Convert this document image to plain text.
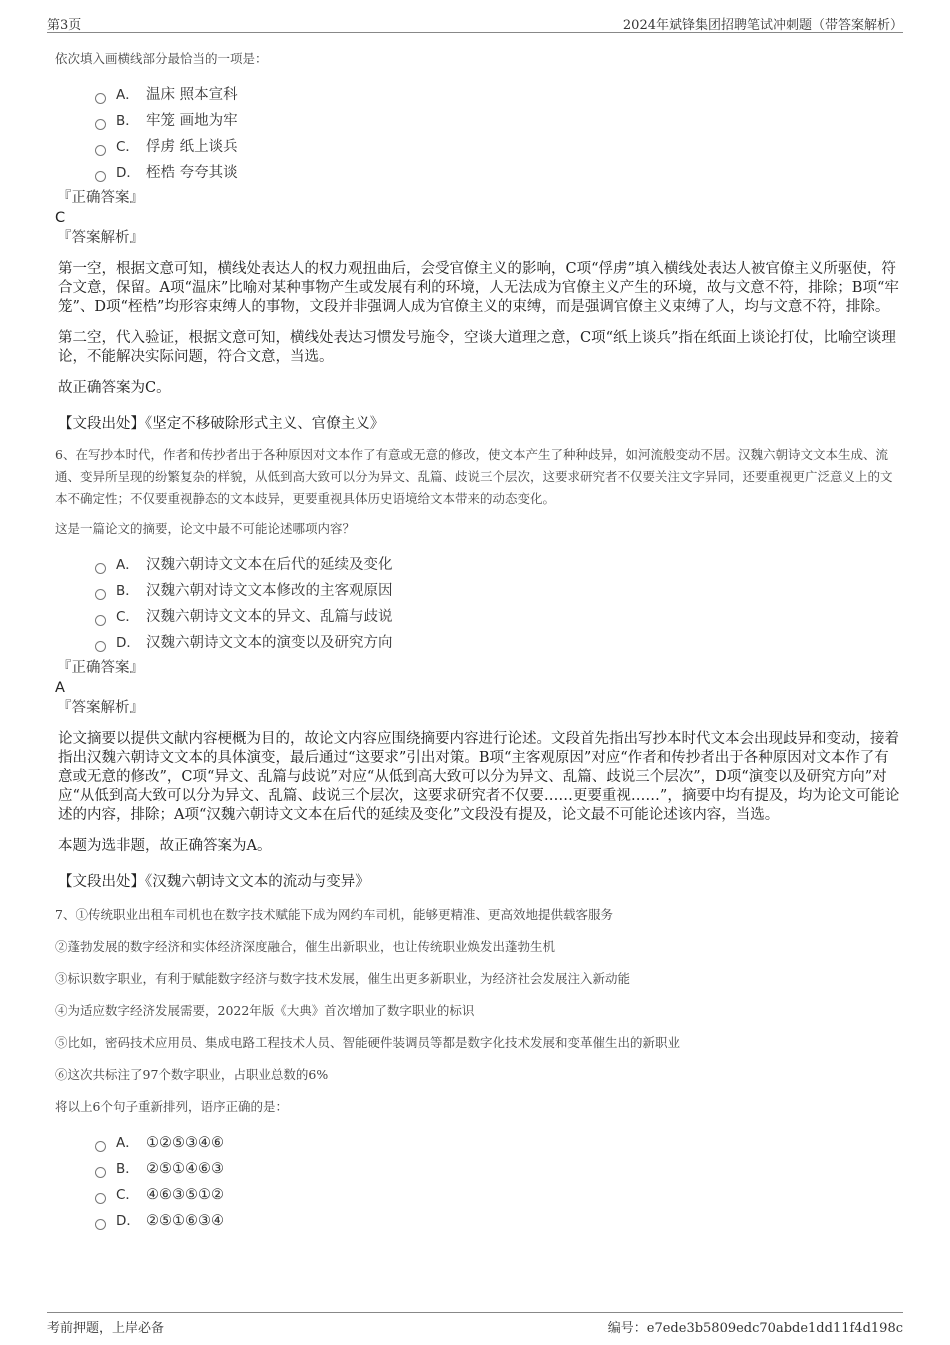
第3页	2024年斌锋集团招聘笔试冲刺题（带答案解析）
依次填入画横线部分最恰当的一项是：
A． 温床 照本宣科
B． 牢笼 画地为牢
C． 俘虏 纸上谈兵
D． 桎梏 夸夸其谈
『正确答案』
C
『答案解析』
第一空，根据文意可知，横线处表达人的权力观扭曲后，会受官僚主义的影响，C项“俘虏”填入横线处表达人被官僚主义所驱使，符合文意，保留。A项“温床”比喻对某种事物产生或发展有利的环境，人无法成为官僚主义产生的环境，故与文意不符，排除；B项“牢笼”、D项“桎梏”均形容束缚人的事物，文段并非强调人成为官僚主义的束缚，而是强调官僚主义束缚了人，均与文意不符，排除。
第二空，代入验证，根据文意可知，横线处表达习惯发号施令，空谈大道理之意，C项“纸上谈兵”指在纸面上谈论打仗，比喻空谈理论，不能解决实际问题，符合文意，当选。
故正确答案为C。
【文段出处】《坚定不移破除形式主义、官僚主义》
6、在写抄本时代，作者和传抄者出于各种原因对文本作了有意或无意的修改，使文本产生了种种歧异，如河流般变动不居。汉魏六朝诗文文本生成、流通、变异所呈现的纷繁复杂的样貌，从低到高大致可以分为异文、乱篇、歧说三个层次，这要求研究者不仅要关注文字异同，还要重视更广泛意义上的文本不确定性；不仅要重视静态的文本歧异，更要重视具体历史语境给文本带来的动态变化。
这是一篇论文的摘要，论文中最不可能论述哪项内容？
A． 汉魏六朝诗文文本在后代的延续及变化
B． 汉魏六朝对诗文文本修改的主客观原因
C． 汉魏六朝诗文文本的异文、乱篇与歧说
D． 汉魏六朝诗文文本的演变以及研究方向
『正确答案』
A
『答案解析』
论文摘要以提供文献内容梗概为目的，故论文内容应围绕摘要内容进行论述。文段首先指出写抄本时代文本会出现歧异和变动，接着指出汉魏六朝诗文文本的具体演变，最后通过“这要求”引出对策。B项“主客观原因”对应“作者和传抄者出于各种原因对文本作了有意或无意的修改”，C项“异文、乱篇与歧说”对应“从低到高大致可以分为异文、乱篇、歧说三个层次”，D项“演变以及研究方向”对应“从低到高大致可以分为异文、乱篇、歧说三个层次，这要求研究者不仅要……更要重视……”，摘要中均有提及，均为论文可能论述的内容，排除；A项“汉魏六朝诗文文本在后代的延续及变化”文段没有提及，论文最不可能论述该内容，当选。
本题为选非题，故正确答案为A。
【文段出处】《汉魏六朝诗文文本的流动与变异》
7、①传统职业出租车司机也在数字技术赋能下成为网约车司机，能够更精准、更高效地提供载客服务
②蓬勃发展的数字经济和实体经济深度融合，催生出新职业，也让传统职业焕发出蓬勃生机
③标识数字职业，有利于赋能数字经济与数字技术发展，催生出更多新职业，为经济社会发展注入新动能
④为适应数字经济发展需要，2022年版《大典》首次增加了数字职业的标识
⑤比如，密码技术应用员、集成电路工程技术人员、智能硬件装调员等都是数字化技术发展和变革催生出的新职业
⑥这次共标注了97个数字职业，占职业总数的6%
将以上6个句子重新排列，语序正确的是：
A． ①②⑤③④⑥
B． ②⑤①④⑥③
C． ④⑥③⑤①②
D． ②⑤①⑥③④
考前押题，上岸必备	编号：e7ede3b5809edc70abde1dd11f4d198c
